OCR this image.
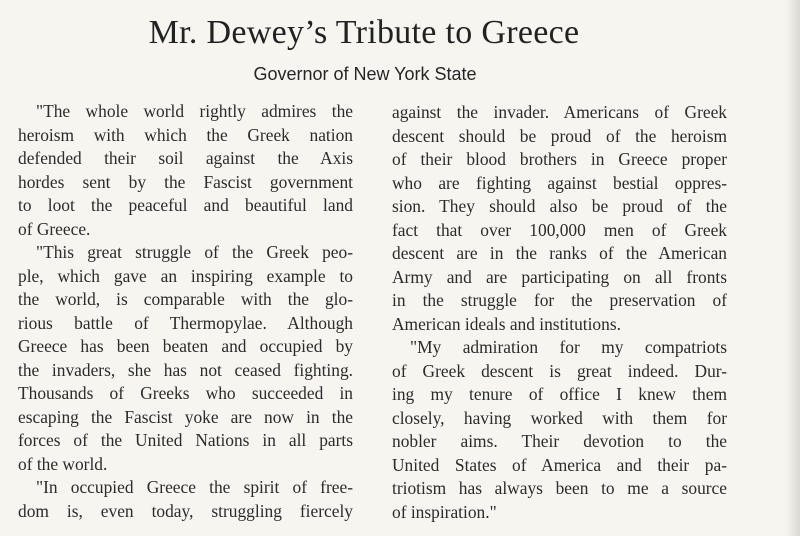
Mr. Dewey’s Tribute to Greece
Governor of New York State
"The whole world rightly admires the
heroism with which the Greek nation
defended their soil against the Axis
hordes sent by the Fascist government
to loot the peaceful and beautiful land
of Greece.
"This great struggle of the Greek peo-
ple, which gave an inspiring example to
the world, is comparable with the glo-
rious battle of Thermopylae. Although
Greece has been beaten and occupied by
the invaders, she has not ceased fighting.
Thousands of Greeks who succeeded in
escaping the Fascist yoke are now in the
forces of the United Nations in all parts
of the world.
"In occupied Greece the spirit of free-
dom is, even today, struggling fiercely
against the invader. Americans of Greek
descent should be proud of the heroism
of their blood brothers in Greece proper
who are fighting against bestial oppres-
sion. They should also be proud of the
fact that over 100,000 men of Greek
descent are in the ranks of the American
Army and are participating on all fronts
in the struggle for the preservation of
American ideals and institutions.
"My admiration for my compatriots
of Greek descent is great indeed. Dur-
ing my tenure of office I knew them
closely, having worked with them for
nobler aims. Their devotion to the
United States of America and their pa-
triotism has always been to me a source
of inspiration."
